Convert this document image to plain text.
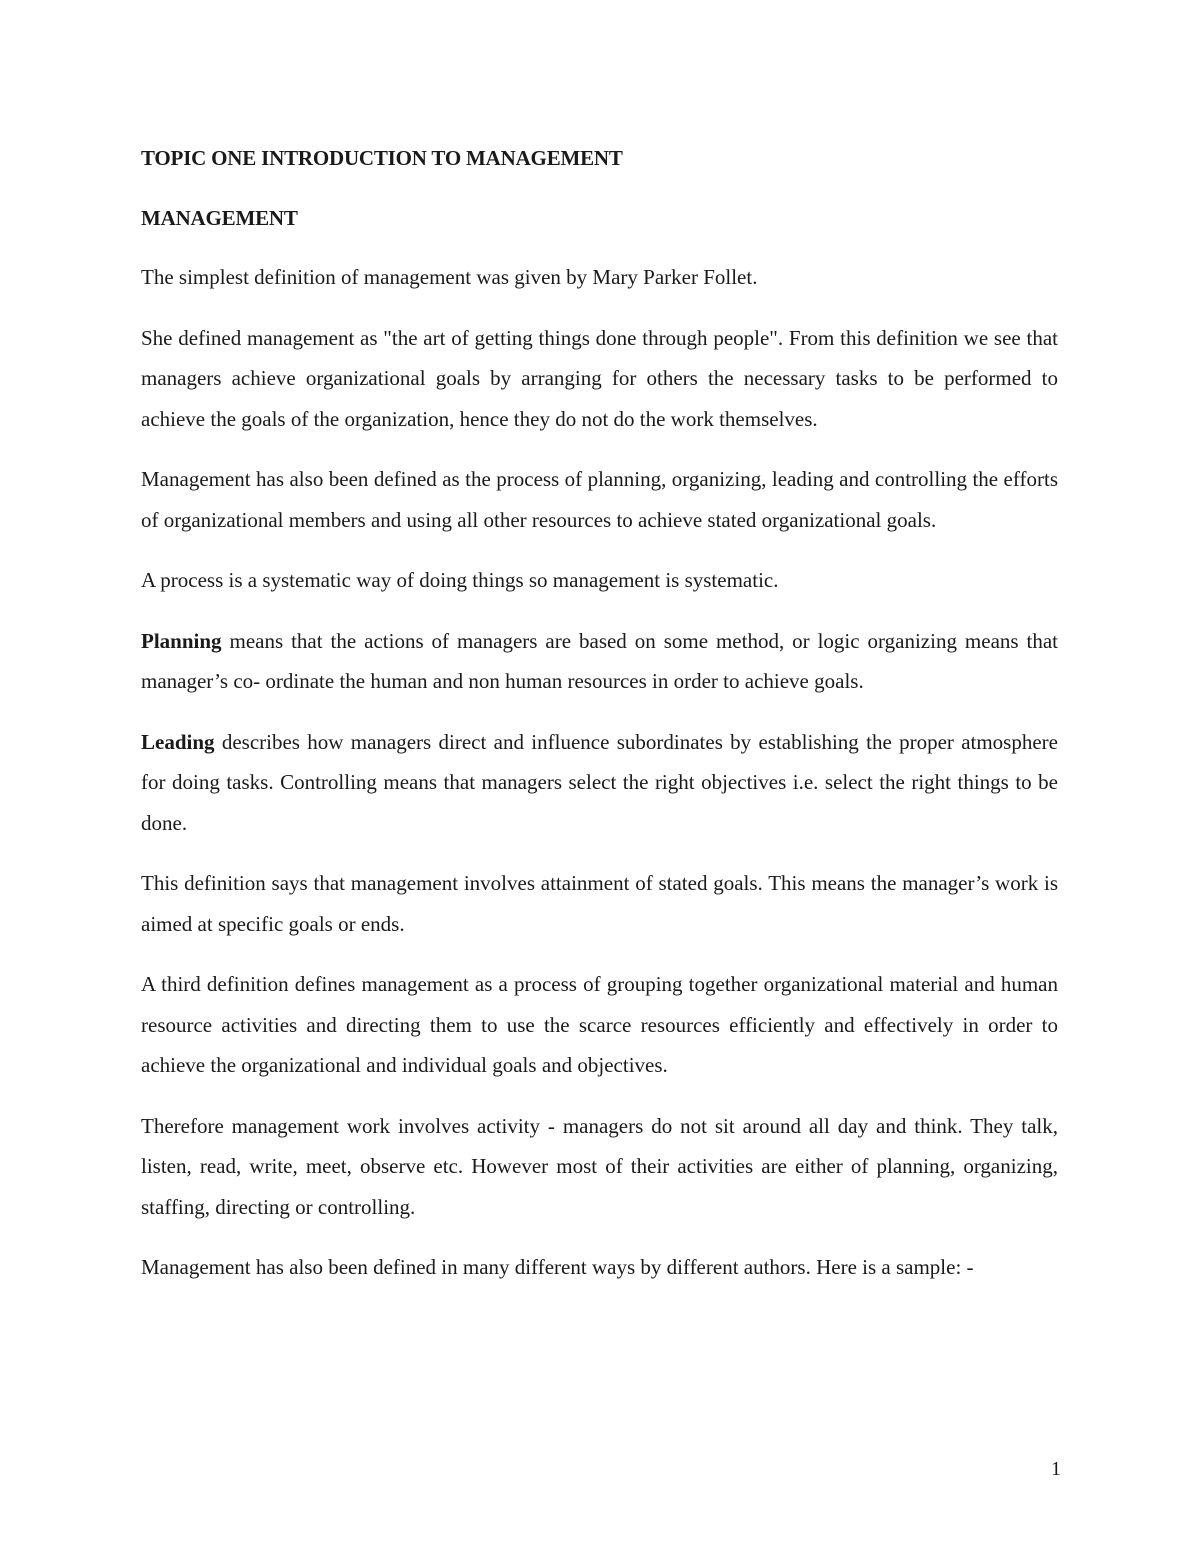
TOPIC ONE INTRODUCTION TO MANAGEMENT
MANAGEMENT

The simplest definition of management was given by Mary Parker Follet.

She defined management as "the art of getting things done through people". From this definition we see that managers achieve organizational goals by arranging for others the necessary tasks to be performed to achieve the goals of the organization, hence they do not do the work themselves.

Management has also been defined as the process of planning, organizing, leading and controlling the efforts of organizational members and using all other resources to achieve stated organizational goals.

A process is a systematic way of doing things so management is systematic.

Planning means that the actions of managers are based on some method, or logic organizing means that manager’s co- ordinate the human and non human resources in order to achieve goals.

Leading describes how managers direct and influence subordinates by establishing the proper atmosphere for doing tasks. Controlling means that managers select the right objectives i.e. select the right things to be done.

This definition says that management involves attainment of stated goals. This means the manager’s work is aimed at specific goals or ends.

A third definition defines management as a process of grouping together organizational material and human resource activities and directing them to use the scarce resources efficiently and effectively in order to achieve the organizational and individual goals and objectives.

Therefore management work involves activity - managers do not sit around all day and think. They talk, listen, read, write, meet, observe etc. However most of their activities are either of planning, organizing, staffing, directing or controlling.

Management has also been defined in many different ways by different authors. Here is a sample: -

1
